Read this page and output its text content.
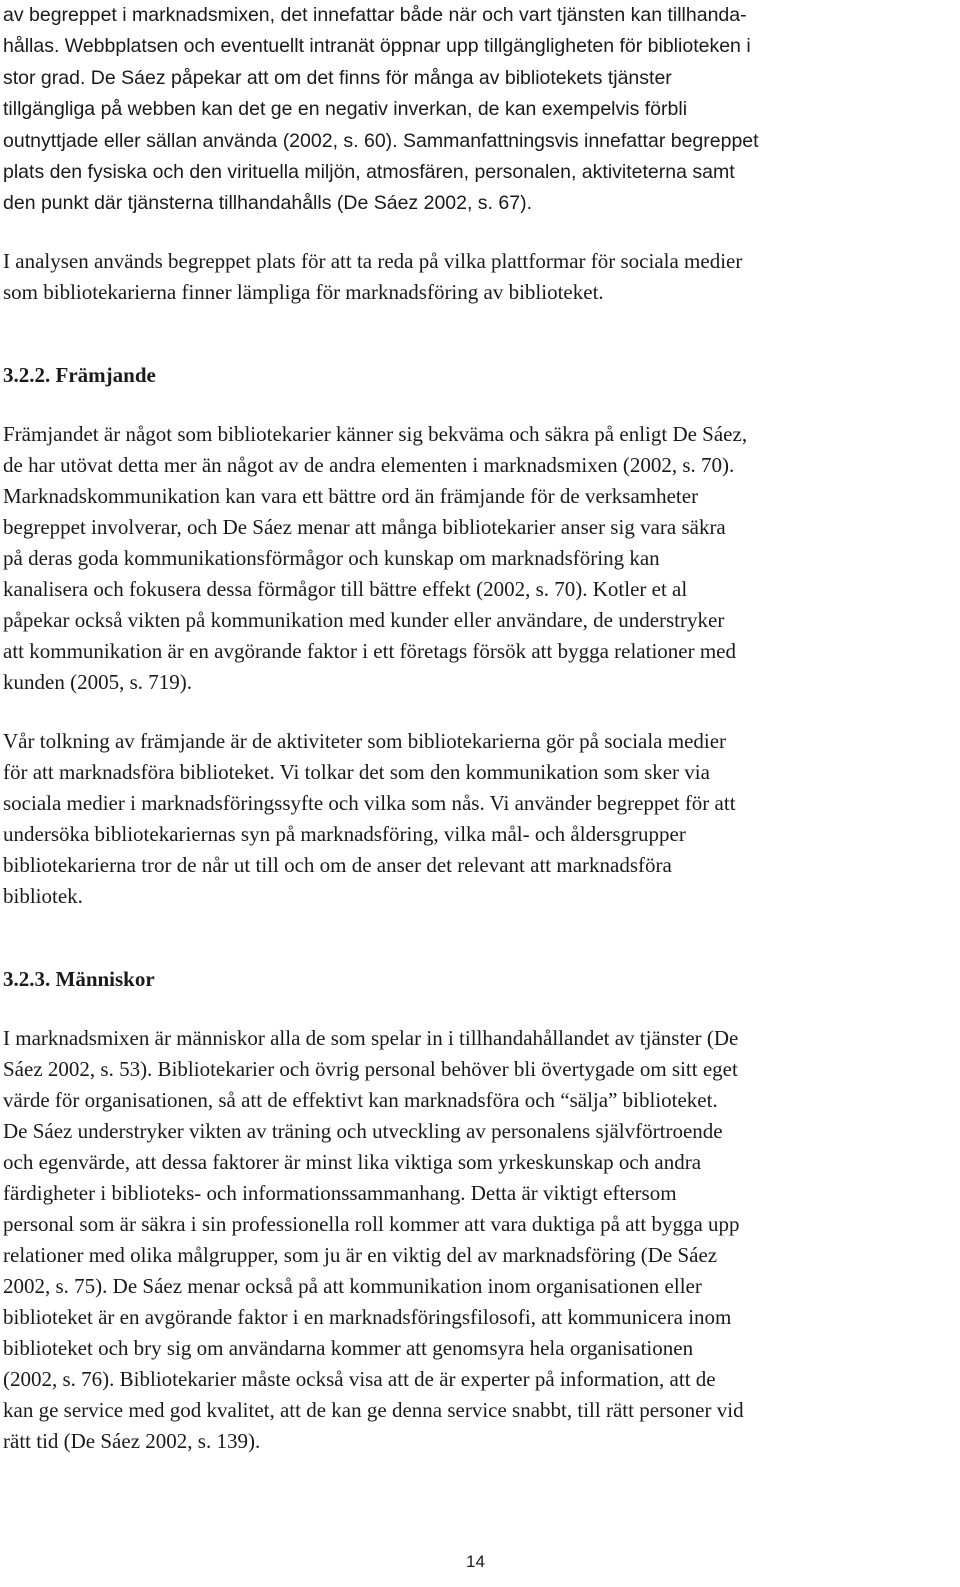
av begreppet i marknadsmixen, det innefattar både när och vart tjänsten kan tillhanda-
hållas. Webbplatsen och eventuellt intranät öppnar upp tillgängligheten för biblioteken i
stor grad. De Sáez påpekar att om det finns för många av bibliotekets tjänster
tillgängliga på webben kan det ge en negativ inverkan, de kan exempelvis förbli
outnyttjade eller sällan använda (2002, s. 60). Sammanfattningsvis innefattar begreppet
plats den fysiska och den virituella miljön, atmosfären, personalen, aktiviteterna samt
den punkt där tjänsterna tillhandahålls (De Sáez 2002, s. 67).
I analysen används begreppet plats för att ta reda på vilka plattformar för sociala medier
som bibliotekarierna finner lämpliga för marknadsföring av biblioteket.
3.2.2. Främjande
Främjandet är något som bibliotekarier känner sig bekväma och säkra på enligt De Sáez,
de har utövat detta mer än något av de andra elementen i marknadsmixen (2002, s. 70).
Marknadskommunikation kan vara ett bättre ord än främjande för de verksamheter
begreppet involverar, och De Sáez menar att många bibliotekarier anser sig vara säkra
på deras goda kommunikationsförmågor och kunskap om marknadsföring kan
kanalisera och fokusera dessa förmågor till bättre effekt (2002, s. 70). Kotler et al
påpekar också vikten på kommunikation med kunder eller användare, de understryker
att kommunikation är en avgörande faktor i ett företags försök att bygga relationer med
kunden (2005, s. 719).
Vår tolkning av främjande är de aktiviteter som bibliotekarierna gör på sociala medier
för att marknadsföra biblioteket. Vi tolkar det som den kommunikation som sker via
sociala medier i marknadsföringssyfte och vilka som nås. Vi använder begreppet för att
undersöka bibliotekariernas syn på marknadsföring, vilka mål- och åldersgrupper
bibliotekarierna tror de når ut till och om de anser det relevant att marknadsföra
bibliotek.
3.2.3. Människor
I marknadsmixen är människor alla de som spelar in i tillhandahållandet av tjänster (De
Sáez 2002, s. 53). Bibliotekarier och övrig personal behöver bli övertygade om sitt eget
värde för organisationen, så att de effektivt kan marknadsföra och “sälja” biblioteket.
De Sáez understryker vikten av träning och utveckling av personalens självförtroende
och egenvärde, att dessa faktorer är minst lika viktiga som yrkeskunskap och andra
färdigheter i biblioteks- och informationssammanhang. Detta är viktigt eftersom
personal som är säkra i sin professionella roll kommer att vara duktiga på att bygga upp
relationer med olika målgrupper, som ju är en viktig del av marknadsföring (De Sáez
2002, s. 75). De Sáez menar också på att kommunikation inom organisationen eller
biblioteket är en avgörande faktor i en marknadsföringsfilosofi, att kommunicera inom
biblioteket och bry sig om användarna kommer att genomsyra hela organisationen
(2002, s. 76). Bibliotekarier måste också visa att de är experter på information, att de
kan ge service med god kvalitet, att de kan ge denna service snabbt, till rätt personer vid
rätt tid (De Sáez 2002, s. 139).
14
